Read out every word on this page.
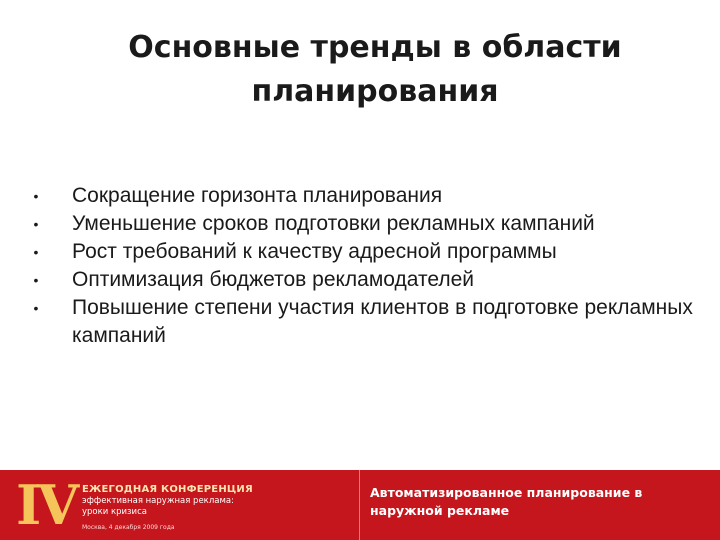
Основные тренды в области
планирования
• Сокращение горизонта планирования
• Уменьшение сроков подготовки рекламных кампаний
• Рост требований к качеству адресной программы
• Оптимизация бюджетов рекламодателей
• Повышение степени участия клиентов в подготовке рекламных кампаний
IV ЕЖЕГОДНАЯ КОНФЕРЕНЦИЯ
эффективная наружная реклама:
уроки кризиса
Москва, 4 декабря 2009 года
Автоматизированное планирование в наружной рекламе
